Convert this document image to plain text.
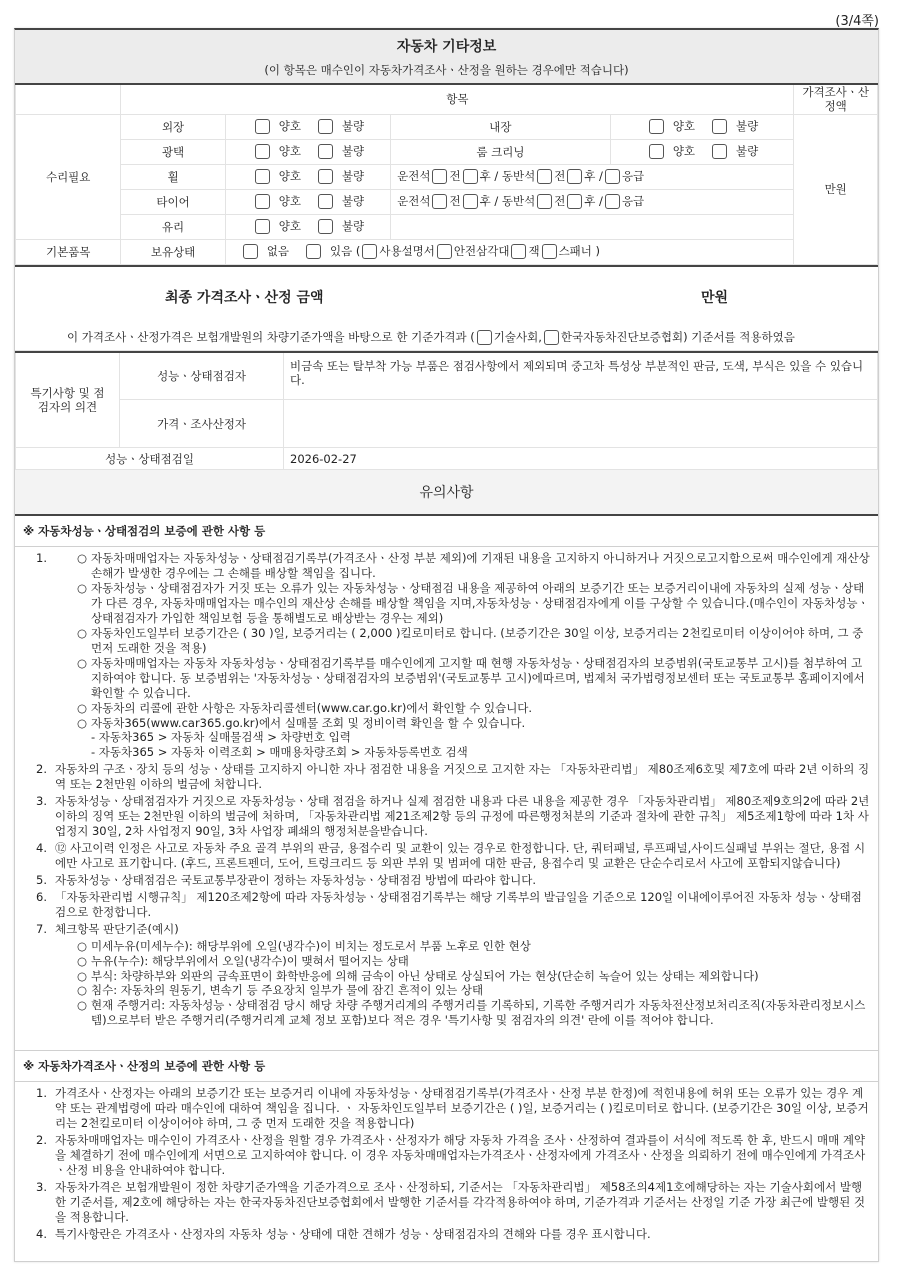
(3/4쪽)
자동차 기타정보
(이 항목은 매수인이 자동차가격조사ㆍ산정을 원하는 경우에만 적습니다)
	항목				가격조사ㆍ산정액
수리필요	외장	양호 불량	내장	양호 불량	만원
	광택	양호 불량	룸 크리닝	양호 불량	
	휠	양호 불량	운전석 전 후 / 동반석 전 후 / 응급		
	타이어	양호 불량	운전석 전 후 / 동반석 전 후 / 응급		
	유리	양호 불량			
기본품목	보유상태	없음 있음 ( 사용설명서 안전삼각대 잭 스패너 )			
최종 가격조사ㆍ산정 금액	만원
이 가격조사ㆍ산정가격은 보험개발원의 차량기준가액을 바탕으로 한 기준가격과 ( 기술사회, 한국자동차진단보증협회) 기준서를 적용하였음
특기사항 및 점검자의 의견	성능ㆍ상태점검자	비금속 또는 탈부착 가능 부품은 점검사항에서 제외되며 중고차 특성상 부분적인 판금, 도색, 부식은 있을 수 있습니다.
	가격ㆍ조사산정자	
성능ㆍ상태점검일		2026-02-27
유의사항
※ 자동차성능ㆍ상태점검의 보증에 관한 사항 등
1.	○ 자동차매매업자는 자동차성능ㆍ상태점검기록부(가격조사ㆍ산정 부분 제외)에 기재된 내용을 고지하지 아니하거나 거짓으로고지함으로써 매수인에게 재산상 손해가 발생한 경우에는 그 손해를 배상할 책임을 집니다.
○ 자동차성능ㆍ상태점검자가 거짓 또는 오류가 있는 자동차성능ㆍ상태점검 내용을 제공하여 아래의 보증기간 또는 보증거리이내에 자동차의 실제 성능ㆍ상태가 다른 경우, 자동차매매업자는 매수인의 재산상 손해를 배상할 책임을 지며,자동차성능ㆍ상태점검자에게 이를 구상할 수 있습니다.(매수인이 자동차성능ㆍ상태점검자가 가입한 책임보험 등을 통해별도로 배상받는 경우는 제외)
○ 자동차인도일부터 보증기간은 ( 30 )일, 보증거리는 ( 2,000 )킬로미터로 합니다. (보증기간은 30일 이상, 보증거리는 2천킬로미터 이상이어야 하며, 그 중 먼저 도래한 것을 적용)
○ 자동차매매업자는 자동차 자동차성능ㆍ상태점검기록부를 매수인에게 고지할 때 현행 자동차성능ㆍ상태점검자의 보증범위(국토교통부 고시)를 첨부하여 고지하여야 합니다. 동 보증범위는 '자동차성능ㆍ상태점검자의 보증범위'(국토교통부 고시)에따르며, 법제처 국가법령정보센터 또는 국토교통부 홈페이지에서 확인할 수 있습니다.
○ 자동차의 리콜에 관한 사항은 자동차리콜센터(www.car.go.kr)에서 확인할 수 있습니다.
○ 자동차365(www.car365.go.kr)에서 실매물 조회 및 정비이력 확인을 할 수 있습니다.
- 자동차365 > 자동차 실매물검색 > 차량번호 입력
- 자동차365 > 자동차 이력조회 > 매매용차량조회 > 자동차등록번호 검색
2. 자동차의 구조ㆍ장치 등의 성능ㆍ상태를 고지하지 아니한 자나 점검한 내용을 거짓으로 고지한 자는 「자동차관리법」 제80조제6호및 제7호에 따라 2년 이하의 징역 또는 2천만원 이하의 벌금에 처합니다.
3. 자동차성능ㆍ상태점검자가 거짓으로 자동차성능ㆍ상태 점검을 하거나 실제 점검한 내용과 다른 내용을 제공한 경우 「자동차관리법」 제80조제9호의2에 따라 2년 이하의 징역 또는 2천만원 이하의 벌금에 처하며, 「자동차관리법 제21조제2항 등의 규정에 따른행정처분의 기준과 절차에 관한 규칙」 제5조제1항에 따라 1차 사업정지 30일, 2차 사업정지 90일, 3차 사업장 폐쇄의 행정처분을받습니다.
4. ⑫ 사고이력 인정은 사고로 자동차 주요 골격 부위의 판금, 용접수리 및 교환이 있는 경우로 한정합니다. 단, 쿼터패널, 루프패널,사이드실패널 부위는 절단, 용접 시에만 사고로 표기합니다. (후드, 프론트펜더, 도어, 트렁크리드 등 외판 부위 및 범퍼에 대한 판금, 용접수리 및 교환은 단순수리로서 사고에 포함되지않습니다)
5. 자동차성능ㆍ상태점검은 국토교통부장관이 정하는 자동차성능ㆍ상태점검 방법에 따라야 합니다.
6. 「자동차관리법 시행규칙」 제120조제2항에 따라 자동차성능ㆍ상태점검기록부는 해당 기록부의 발급일을 기준으로 120일 이내에이루어진 자동차 성능ㆍ상태점검으로 한정합니다.
7. 체크항목 판단기준(예시)
○ 미세누유(미세누수): 해당부위에 오일(냉각수)이 비치는 정도로서 부품 노후로 인한 현상
○ 누유(누수): 해당부위에서 오일(냉각수)이 맺혀서 떨어지는 상태
○ 부식: 차량하부와 외판의 금속표면이 화학반응에 의해 금속이 아닌 상태로 상실되어 가는 현상(단순히 녹슬어 있는 상태는 제외합니다)
○ 침수: 자동차의 원동기, 변속기 등 주요장치 일부가 물에 잠긴 흔적이 있는 상태
○ 현재 주행거리: 자동차성능ㆍ상태점검 당시 해당 차량 주행거리계의 주행거리를 기록하되, 기록한 주행거리가 자동차전산정보처리조직(자동차관리정보시스템)으로부터 받은 주행거리(주행거리계 교체 정보 포함)보다 적은 경우 '특기사항 및 점검자의 의견' 란에 이를 적어야 합니다.
※ 자동차가격조사ㆍ산정의 보증에 관한 사항 등
1. 가격조사ㆍ산정자는 아래의 보증기간 또는 보증거리 이내에 자동차성능ㆍ상태점검기록부(가격조사ㆍ산정 부분 한정)에 적힌내용에 허위 또는 오류가 있는 경우 계약 또는 관계법령에 따라 매수인에 대하여 책임을 집니다. ㆍ 자동차인도일부터 보증기간은 ( )일, 보증거리는 ( )킬로미터로 합니다. (보증기간은 30일 이상, 보증거리는 2천킬로미터 이상이어야 하며, 그 중 먼저 도래한 것을 적용합니다)
2. 자동차매매업자는 매수인이 가격조사ㆍ산정을 원할 경우 가격조사ㆍ산정자가 해당 자동차 가격을 조사ㆍ산정하여 결과를이 서식에 적도록 한 후, 반드시 매매 계약을 체결하기 전에 매수인에게 서면으로 고지하여야 합니다. 이 경우 자동차매매업자는가격조사ㆍ산정자에게 가격조사ㆍ산정을 의뢰하기 전에 매수인에게 가격조사ㆍ산정 비용을 안내하여야 합니다.
3. 자동차가격은 보험개발원이 정한 차량기준가액을 기준가격으로 조사ㆍ산정하되, 기준서는 「자동차관리법」 제58조의4제1호에해당하는 자는 기술사회에서 발행한 기준서를, 제2호에 해당하는 자는 한국자동차진단보증협회에서 발행한 기준서를 각각적용하여야 하며, 기준가격과 기준서는 산정일 기준 가장 최근에 발행된 것을 적용합니다.
4. 특기사항란은 가격조사ㆍ산정자의 자동차 성능ㆍ상태에 대한 견해가 성능ㆍ상태점검자의 견해와 다를 경우 표시합니다.
